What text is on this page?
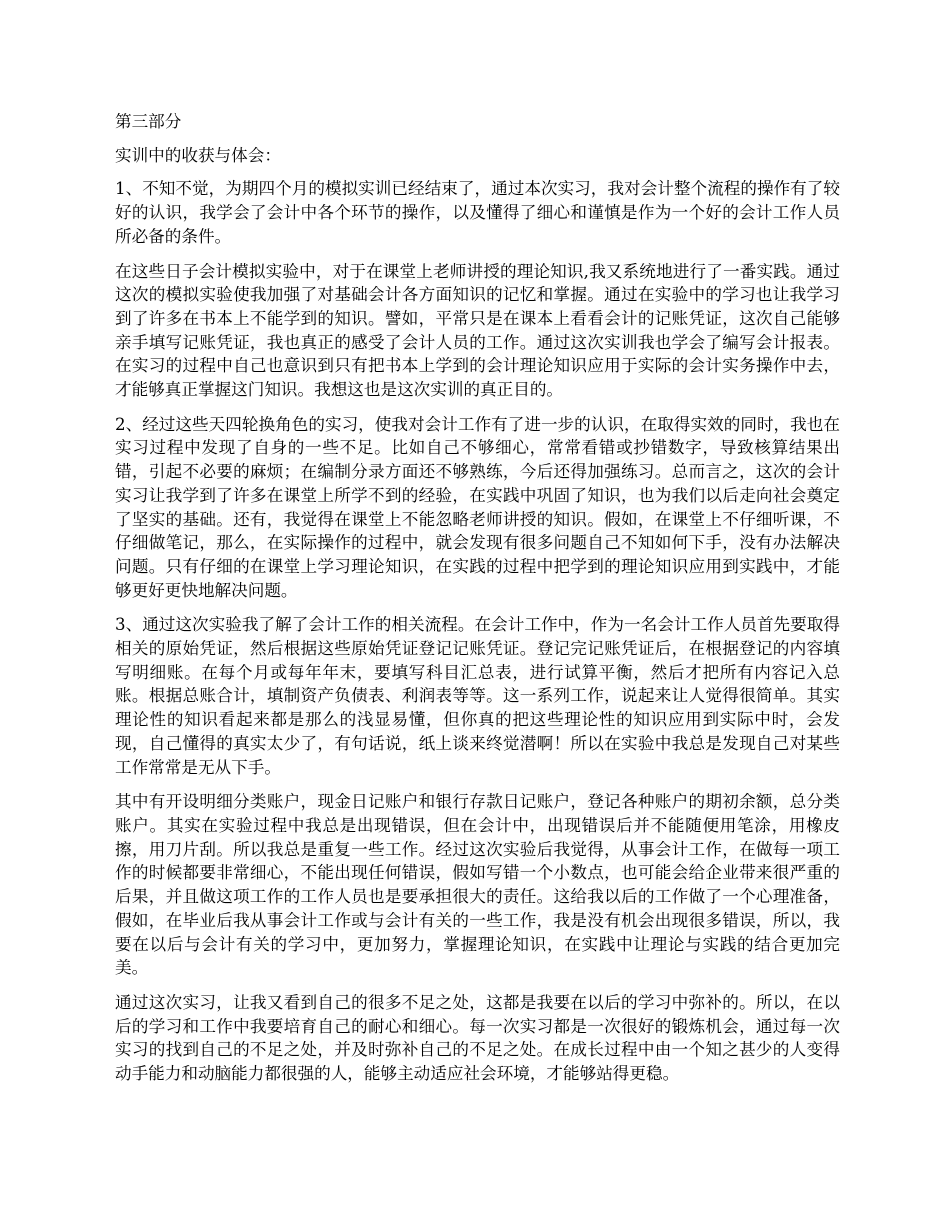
第三部分

实训中的收获与体会：

1、不知不觉，为期四个月的模拟实训已经结束了，通过本次实习，我对会计整个流程的操作有了较好的认识，我学会了会计中各个环节的操作，以及懂得了细心和谨慎是作为一个好的会计工作人员所必备的条件。

在这些日子会计模拟实验中，对于在课堂上老师讲授的理论知识,我又系统地进行了一番实践。通过这次的模拟实验使我加强了对基础会计各方面知识的记忆和掌握。通过在实验中的学习也让我学习到了许多在书本上不能学到的知识。譬如，平常只是在课本上看看会计的记账凭证，这次自己能够亲手填写记账凭证，我也真正的感受了会计人员的工作。通过这次实训我也学会了编写会计报表。在实习的过程中自己也意识到只有把书本上学到的会计理论知识应用于实际的会计实务操作中去，才能够真正掌握这门知识。我想这也是这次实训的真正目的。

2、经过这些天四轮换角色的实习，使我对会计工作有了进一步的认识，在取得实效的同时，我也在实习过程中发现了自身的一些不足。比如自己不够细心，常常看错或抄错数字，导致核算结果出错，引起不必要的麻烦；在编制分录方面还不够熟练，今后还得加强练习。总而言之，这次的会计实习让我学到了许多在课堂上所学不到的经验，在实践中巩固了知识，也为我们以后走向社会奠定了坚实的基础。还有，我觉得在课堂上不能忽略老师讲授的知识。假如，在课堂上不仔细听课，不仔细做笔记，那么，在实际操作的过程中，就会发现有很多问题自己不知如何下手，没有办法解决问题。只有仔细的在课堂上学习理论知识，在实践的过程中把学到的理论知识应用到实践中，才能够更好更快地解决问题。

3、通过这次实验我了解了会计工作的相关流程。在会计工作中，作为一名会计工作人员首先要取得相关的原始凭证，然后根据这些原始凭证登记记账凭证。登记完记账凭证后，在根据登记的内容填写明细账。在每个月或每年年末，要填写科目汇总表，进行试算平衡，然后才把所有内容记入总账。根据总账合计，填制资产负债表、利润表等等。这一系列工作，说起来让人觉得很简单。其实理论性的知识看起来都是那么的浅显易懂，但你真的把这些理论性的知识应用到实际中时，会发现，自己懂得的真实太少了，有句话说，纸上谈来终觉潜啊！所以在实验中我总是发现自己对某些工作常常是无从下手。

其中有开设明细分类账户，现金日记账户和银行存款日记账户，登记各种账户的期初余额，总分类账户。其实在实验过程中我总是出现错误，但在会计中，出现错误后并不能随便用笔涂，用橡皮擦，用刀片刮。所以我总是重复一些工作。经过这次实验后我觉得，从事会计工作，在做每一项工作的时候都要非常细心，不能出现任何错误，假如写错一个小数点，也可能会给企业带来很严重的后果，并且做这项工作的工作人员也是要承担很大的责任。这给我以后的工作做了一个心理准备，假如，在毕业后我从事会计工作或与会计有关的一些工作，我是没有机会出现很多错误，所以，我要在以后与会计有关的学习中，更加努力，掌握理论知识，在实践中让理论与实践的结合更加完美。

通过这次实习，让我又看到自己的很多不足之处，这都是我要在以后的学习中弥补的。所以，在以后的学习和工作中我要培育自己的耐心和细心。每一次实习都是一次很好的锻炼机会，通过每一次实习的找到自己的不足之处，并及时弥补自己的不足之处。在成长过程中由一个知之甚少的人变得动手能力和动脑能力都很强的人，能够主动适应社会环境，才能够站得更稳。
